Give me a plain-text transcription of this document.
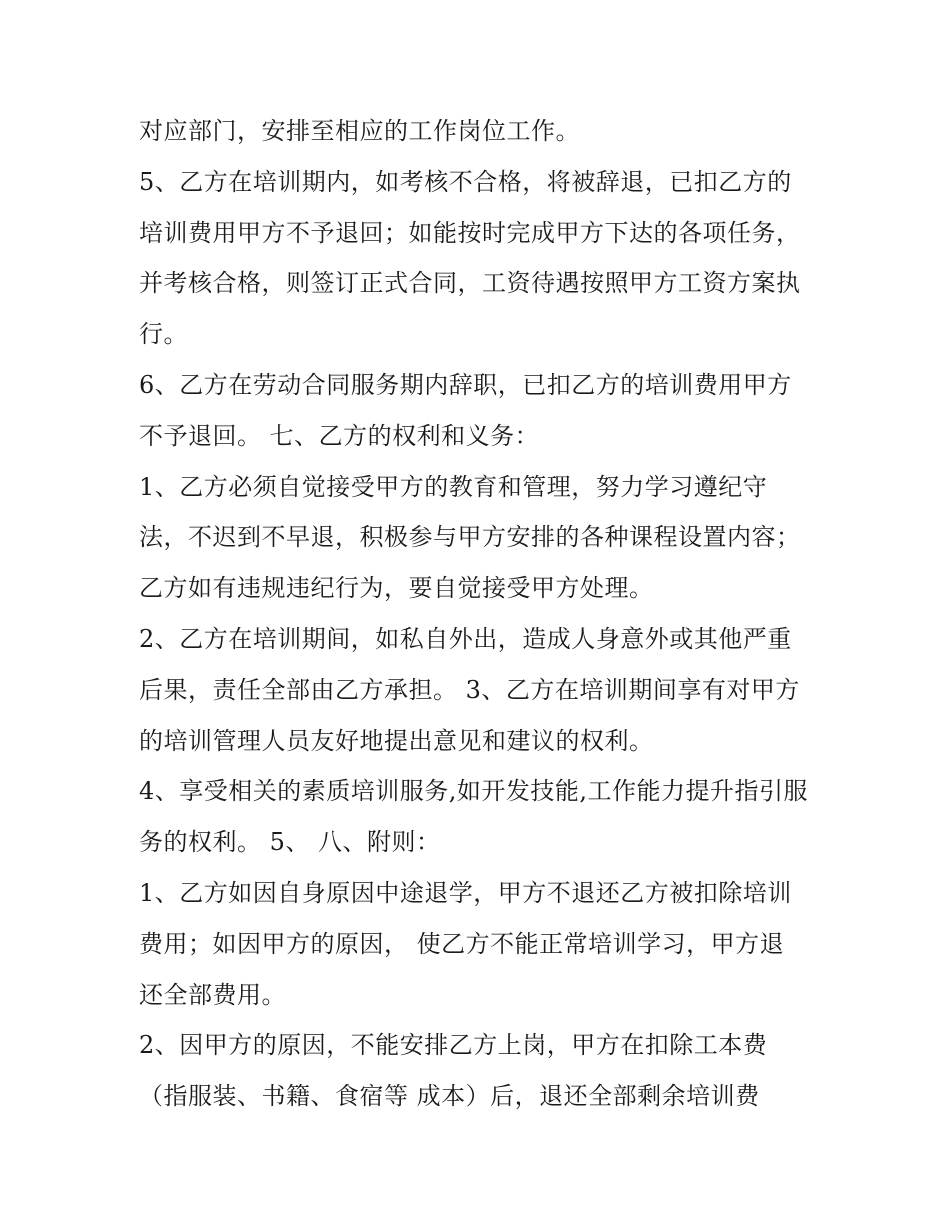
对应部门，安排至相应的工作岗位工作。
5、乙方在培训期内，如考核不合格，将被辞退，已扣乙方的
培训费用甲方不予退回；如能按时完成甲方下达的各项任务，
并考核合格，则签订正式合同，工资待遇按照甲方工资方案执
行。
6、乙方在劳动合同服务期内辞职，已扣乙方的培训费用甲方
不予退回。 七、乙方的权利和义务：
1、乙方必须自觉接受甲方的教育和管理，努力学习遵纪守
法，不迟到不早退，积极参与甲方安排的各种课程设置内容；
乙方如有违规违纪行为，要自觉接受甲方处理。
2、乙方在培训期间，如私自外出，造成人身意外或其他严重
后果，责任全部由乙方承担。 3、乙方在培训期间享有对甲方
的培训管理人员友好地提出意见和建议的权利。
4、享受相关的素质培训服务,如开发技能,工作能力提升指引服
务的权利。 5、 八、附则：
1、乙方如因自身原因中途退学，甲方不退还乙方被扣除培训
费用；如因甲方的原因， 使乙方不能正常培训学习，甲方退
还全部费用。
2、因甲方的原因，不能安排乙方上岗，甲方在扣除工本费
（指服装、书籍、食宿等 成本）后，退还全部剩余培训费
